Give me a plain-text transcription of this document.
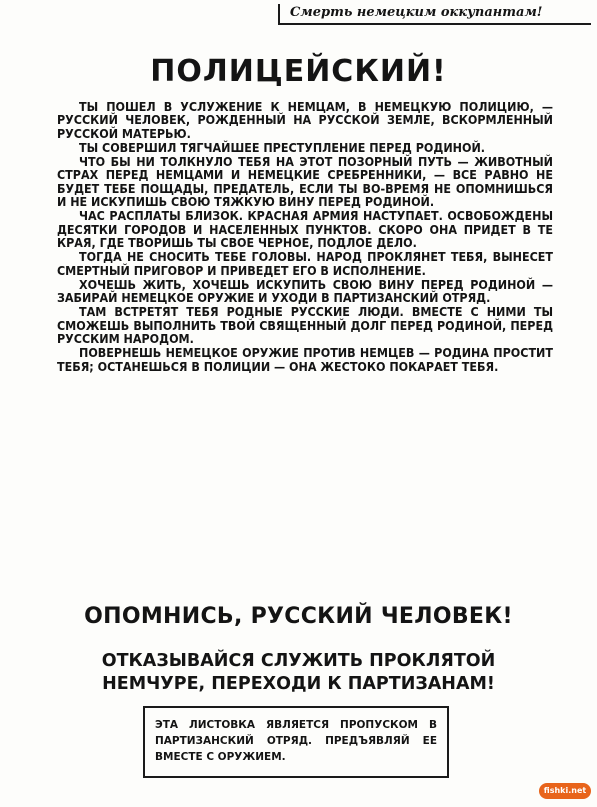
Смерть немецким оккупантам!
ПОЛИЦЕЙСКИЙ!

ТЫ ПОШЕЛ В УСЛУЖЕНИЕ К НЕМЦАМ, В НЕМЕЦКУЮ ПОЛИЦИЮ, — РУССКИЙ ЧЕЛОВЕК, РОЖДЕННЫЙ НА РУССКОЙ ЗЕМЛЕ, ВСКОРМЛЕННЫЙ РУССКОЙ МАТЕРЬЮ.

ТЫ СОВЕРШИЛ ТЯГЧАЙШЕЕ ПРЕСТУПЛЕНИЕ ПЕРЕД РОДИНОЙ.

ЧТО БЫ НИ ТОЛКНУЛО ТЕБЯ НА ЭТОТ ПОЗОРНЫЙ ПУТЬ — ЖИВОТНЫЙ СТРАХ ПЕРЕД НЕМЦАМИ И НЕМЕЦКИЕ СРЕБРЕННИКИ, — ВСЕ РАВНО НЕ БУДЕТ ТЕБЕ ПОЩАДЫ, ПРЕДАТЕЛЬ, ЕСЛИ ТЫ ВО-ВРЕМЯ НЕ ОПОМНИШЬСЯ И НЕ ИСКУПИШЬ СВОЮ ТЯЖКУЮ ВИНУ ПЕРЕД РОДИНОЙ.

ЧАС РАСПЛАТЫ БЛИЗОК. КРАСНАЯ АРМИЯ НАСТУПАЕТ. ОСВОБОЖДЕНЫ ДЕСЯТКИ ГОРОДОВ И НАСЕЛЕННЫХ ПУНКТОВ. СКОРО ОНА ПРИДЕТ В ТЕ КРАЯ, ГДЕ ТВОРИШЬ ТЫ СВОЕ ЧЕРНОЕ, ПОДЛОЕ ДЕЛО.

ТОГДА НЕ СНОСИТЬ ТЕБЕ ГОЛОВЫ. НАРОД ПРОКЛЯНЕТ ТЕБЯ, ВЫНЕСЕТ СМЕРТНЫЙ ПРИГОВОР И ПРИВЕДЕТ ЕГО В ИСПОЛНЕНИЕ.

ХОЧЕШЬ ЖИТЬ, ХОЧЕШЬ ИСКУПИТЬ СВОЮ ВИНУ ПЕРЕД РОДИНОЙ — ЗАБИРАЙ НЕМЕЦКОЕ ОРУЖИЕ И УХОДИ В ПАРТИЗАНСКИЙ ОТРЯД.

ТАМ ВСТРЕТЯТ ТЕБЯ РОДНЫЕ РУССКИЕ ЛЮДИ. ВМЕСТЕ С НИМИ ТЫ СМОЖЕШЬ ВЫПОЛНИТЬ ТВОЙ СВЯЩЕННЫЙ ДОЛГ ПЕРЕД РОДИНОЙ, ПЕРЕД РУССКИМ НАРОДОМ.

ПОВЕРНЕШЬ НЕМЕЦКОЕ ОРУЖИЕ ПРОТИВ НЕМЦЕВ — РОДИНА ПРОСТИТ ТЕБЯ; ОСТАНЕШЬСЯ В ПОЛИЦИИ — ОНА ЖЕСТОКО ПОКАРАЕТ ТЕБЯ.

ОПОМНИСЬ, РУССКИЙ ЧЕЛОВЕК!
ОТКАЗЫВАЙСЯ СЛУЖИТЬ ПРОКЛЯТОЙ
НЕМЧУРЕ, ПЕРЕХОДИ К ПАРТИЗАНАМ!
ЭТА ЛИСТОВКА ЯВЛЯЕТСЯ ПРОПУСКОМ В ПАРТИЗАНСКИЙ ОТРЯД. ПРЕДЪЯВЛЯЙ ЕЕ ВМЕСТЕ С ОРУЖИЕМ.
fishki.net
